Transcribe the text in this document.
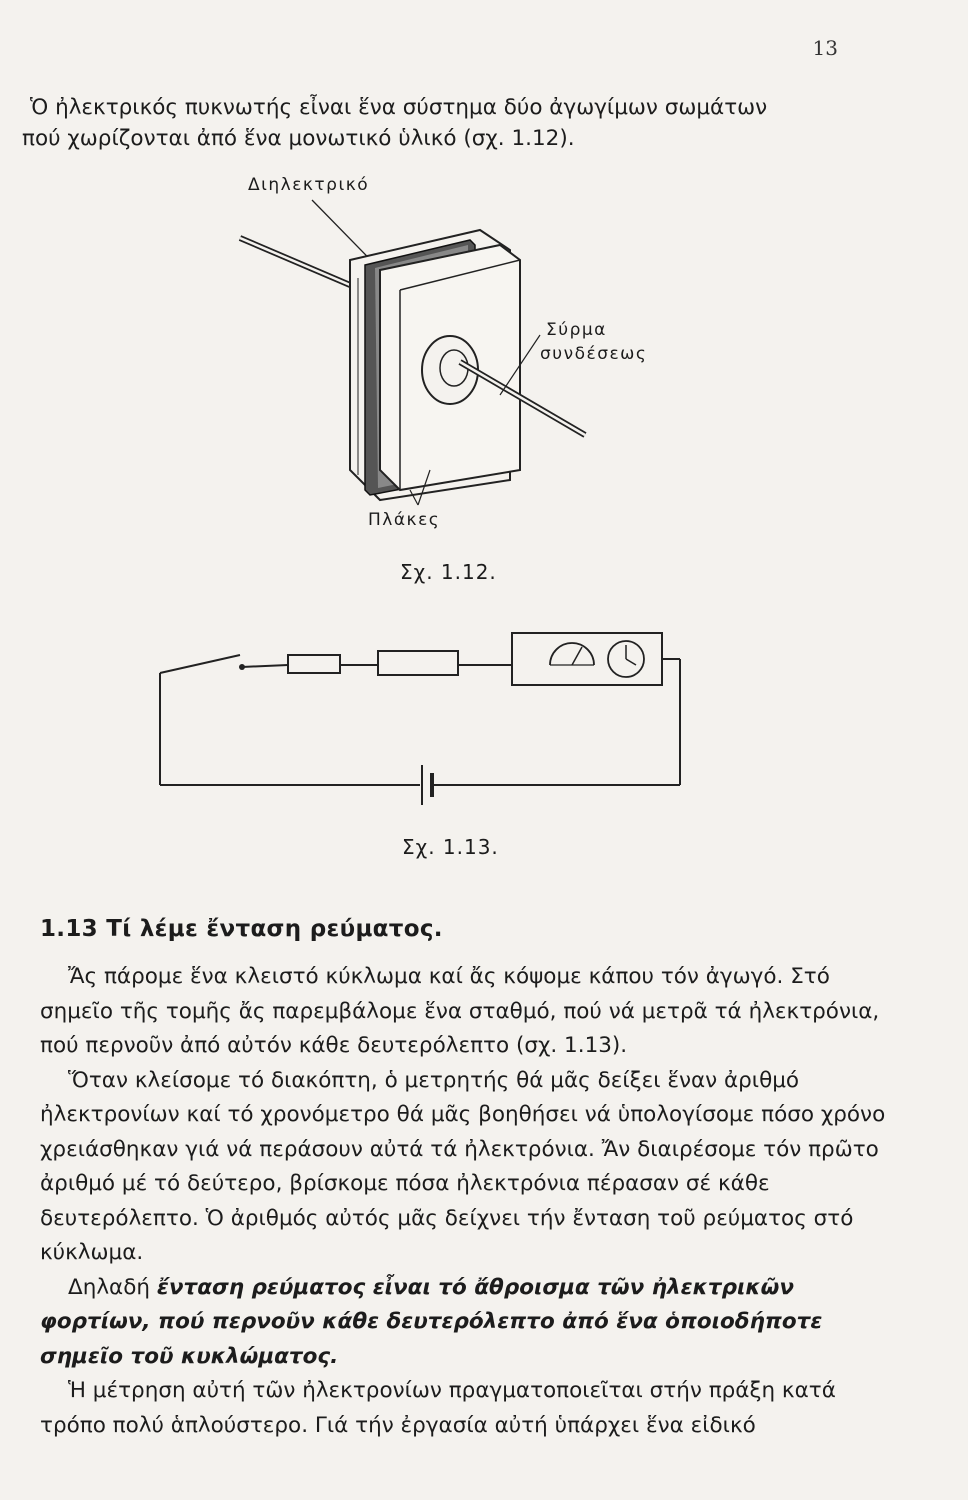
13
Ὁ ἠλεκτρικός πυκνωτής εἶναι ἕνα σύστημα δύο ἀγωγίμων σωμάτων
πού χωρίζονται ἀπό ἕνα μονωτικό ὑλικό (σχ. 1.12).
Διηλεκτρικό
Σύρμα
συνδέσεως
Πλάκες
Σχ. 1.12.
Σχ. 1.13.
1.13 Τί λέμε ἔνταση ρεύματος.

Ἄς πάρομε ἕνα κλειστό κύκλωμα καί ἄς κόψομε κάπου τόν ἀγωγό. Στό σημεῖο τῆς τομῆς ἄς παρεμβάλομε ἕνα σταθμό, πού νά μετρᾶ τά ἠλεκτρόνια, πού περνοῦν ἀπό αὐτόν κάθε δευτερόλεπτο (σχ. 1.13).

Ὅταν κλείσομε τό διακόπτη, ὁ μετρητής θά μᾶς δείξει ἕναν ἀριθμό ἠλεκτρονίων καί τό χρονόμετρο θά μᾶς βοηθήσει νά ὑπολογίσομε πόσο χρόνο χρειάσθηκαν γιά νά περάσουν αὐτά τά ἠλεκτρόνια. Ἄν διαιρέσομε τόν πρῶτο ἀριθμό μέ τό δεύτερο, βρίσκομε πόσα ἠλεκτρόνια πέρασαν σέ κάθε δευτερόλεπτο. Ὁ ἀριθμός αὐτός μᾶς δείχνει τήν ἔνταση τοῦ ρεύματος στό κύκλωμα.

Δηλαδή ἔνταση ρεύματος εἶναι τό ἄθροισμα τῶν ἠλεκτρικῶν φορτίων, πού περνοῦν κάθε δευτερόλεπτο ἀπό ἕνα ὁποιοδήποτε σημεῖο τοῦ κυκλώματος.

Ἡ μέτρηση αὐτή τῶν ἠλεκτρονίων πραγματοποιεῖται στήν πράξη κατά τρόπο πολύ ἁπλούστερο. Γιά τήν ἐργασία αὐτή ὑπάρχει ἕνα εἰδικό
